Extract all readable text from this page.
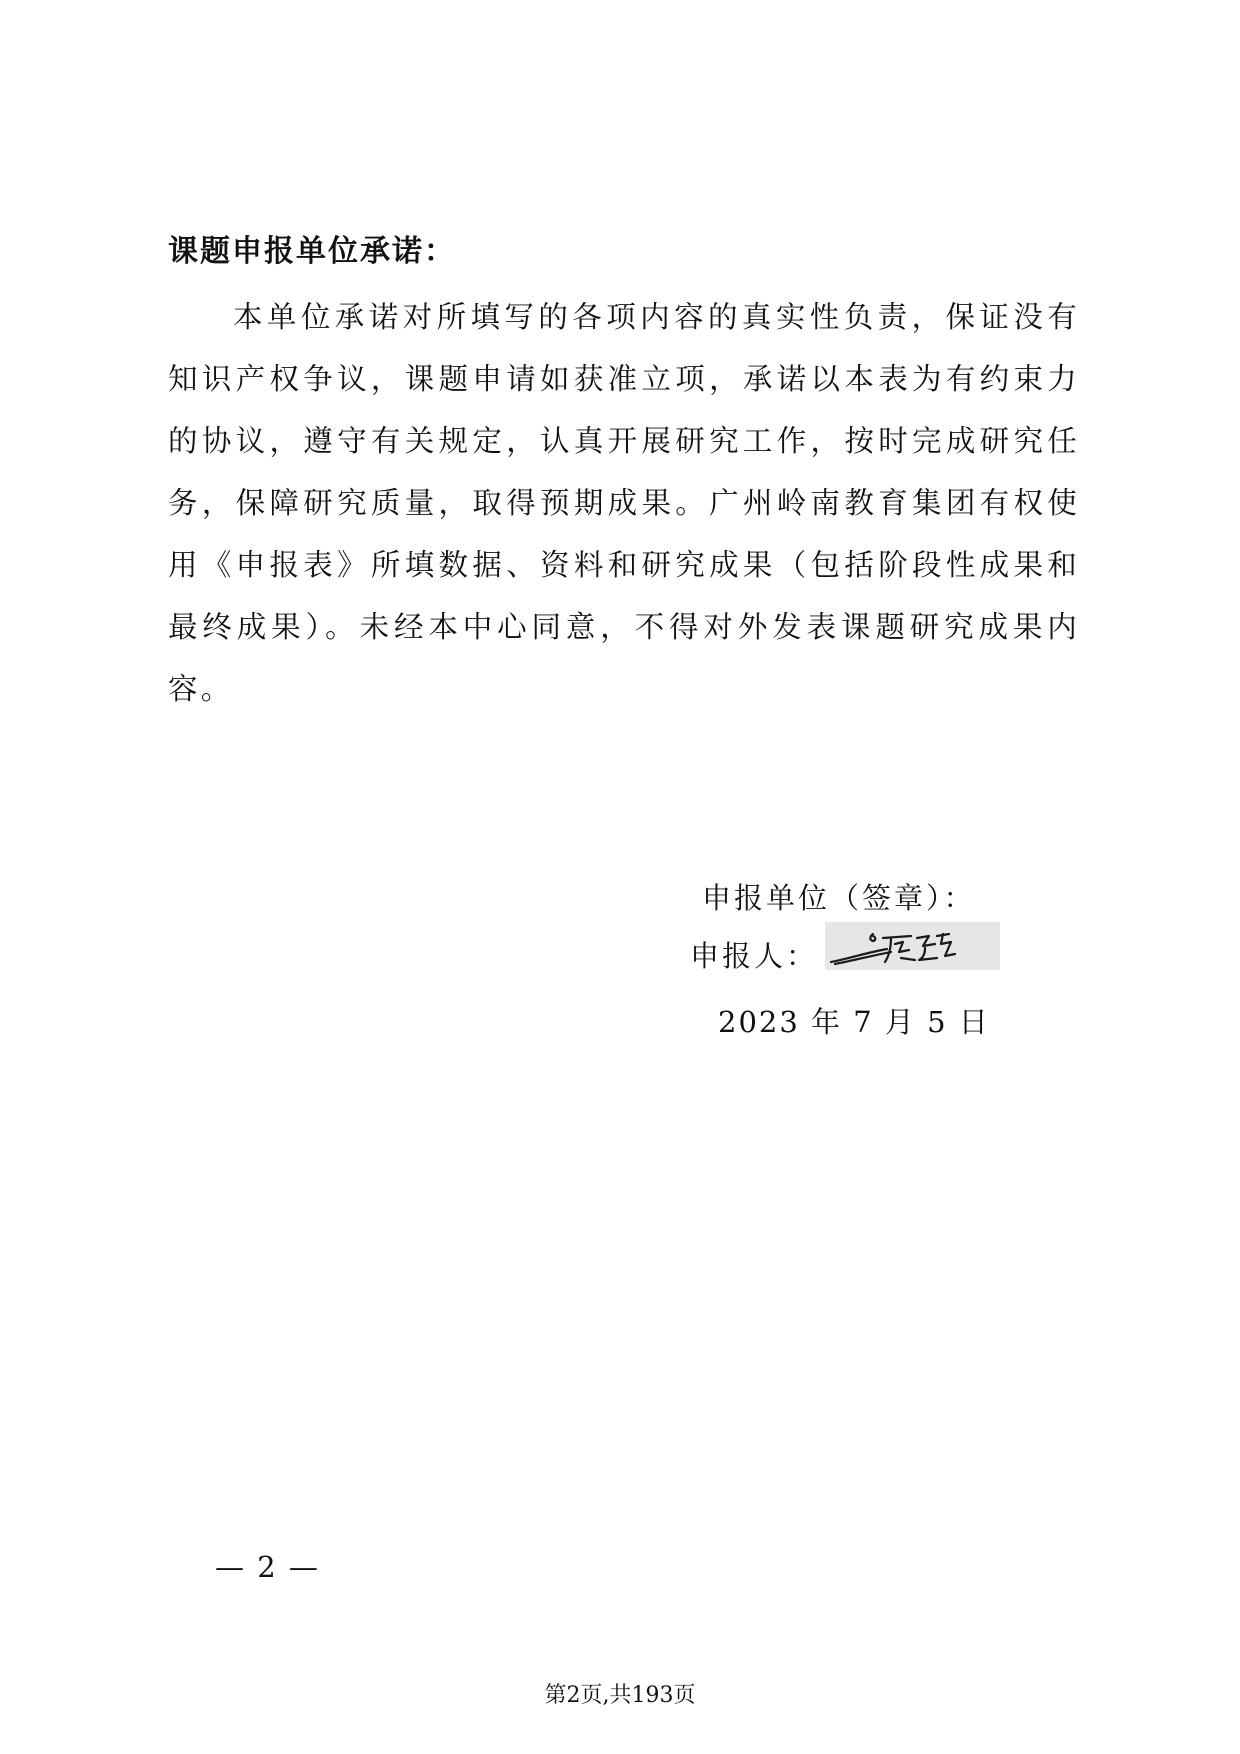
课题申报单位承诺：

本单位承诺对所填写的各项内容的真实性负责，保证没有知识产权争议，课题申请如获准立项，承诺以本表为有约束力的协议，遵守有关规定，认真开展研究工作，按时完成研究任务，保障研究质量，取得预期成果。广州岭南教育集团有权使用《申报表》所填数据、资料和研究成果（包括阶段性成果和最终成果）。未经本中心同意，不得对外发表课题研究成果内容。

申报单位（签章）：
申报人：
2023 年 7 月 5 日
— 2 —
第2页,共193页
